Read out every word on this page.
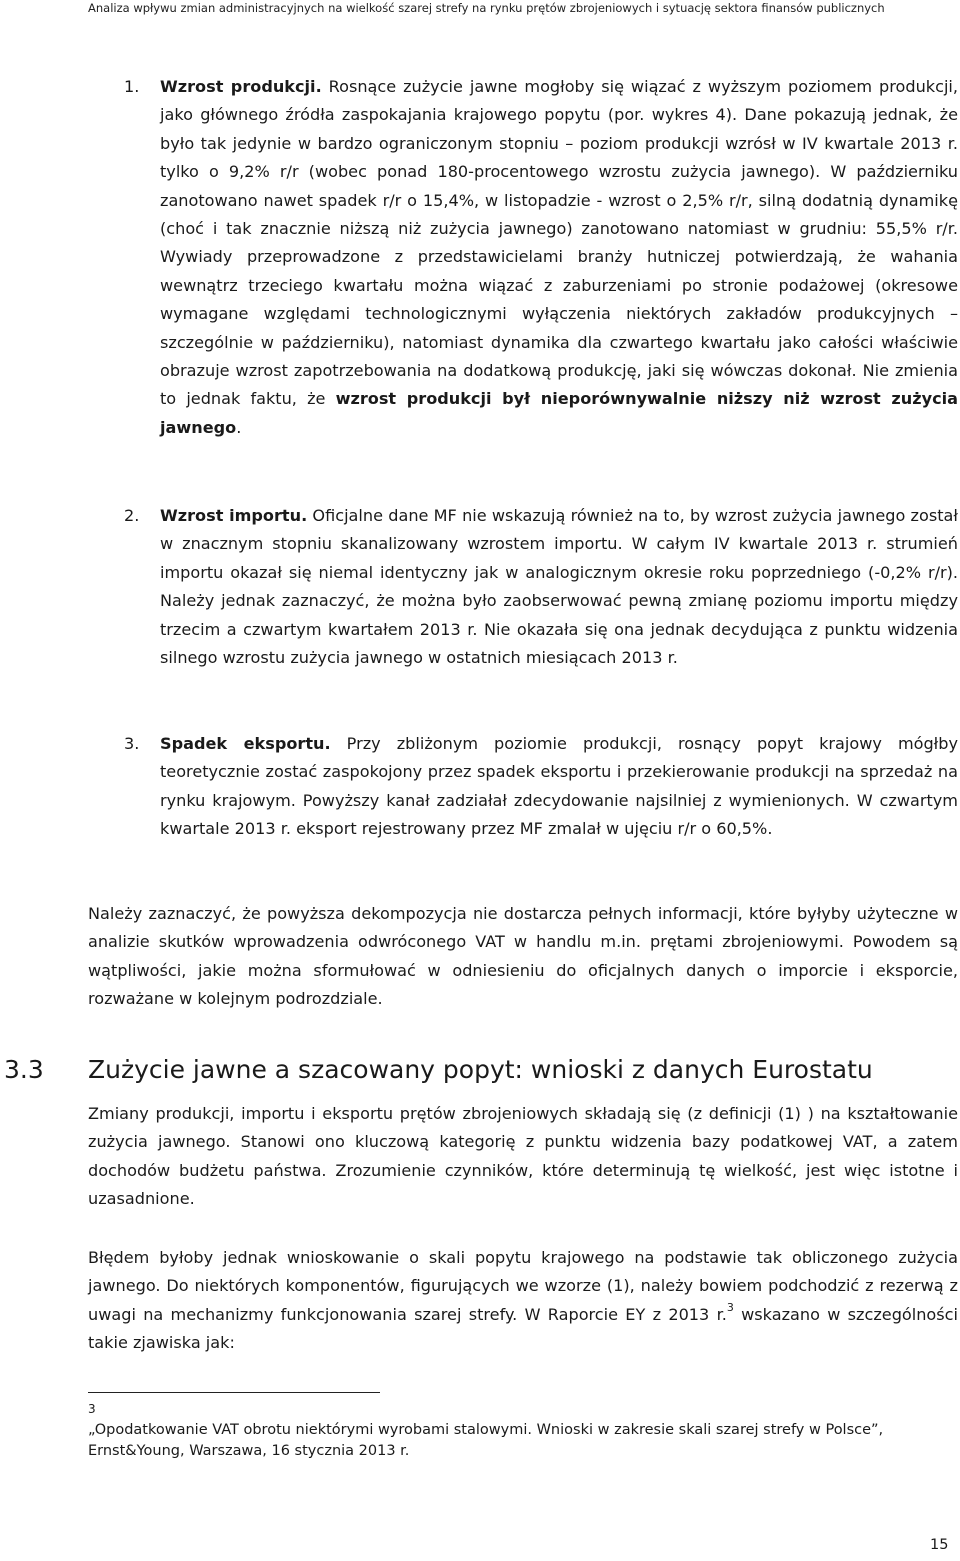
Analiza wpływu zmian administracyjnych na wielkość szarej strefy na rynku prętów zbrojeniowych i sytuację sektora finansów publicznych
1. Wzrost produkcji. Rosnące zużycie jawne mogłoby się wiązać z wyższym poziomem produkcji, jako głównego źródła zaspokajania krajowego popytu (por. wykres 4). Dane pokazują jednak, że było tak jedynie w bardzo ograniczonym stopniu – poziom produkcji wzrósł w IV kwartale 2013 r. tylko o 9,2% r/r (wobec ponad 180-procentowego wzrostu zużycia jawnego). W październiku zanotowano nawet spadek r/r o 15,4%, w listopadzie - wzrost o 2,5% r/r, silną dodatnią dynamikę (choć i tak znacznie niższą niż zużycia jawnego) zanotowano natomiast w grudniu: 55,5% r/r. Wywiady przeprowadzone z przedstawicielami branży hutniczej potwierdzają, że wahania wewnątrz trzeciego kwartału można wiązać z zaburzeniami po stronie podażowej (okresowe wymagane względami technologicznymi wyłączenia niektórych zakładów produkcyjnych – szczególnie w październiku), natomiast dynamika dla czwartego kwartału jako całości właściwie obrazuje wzrost zapotrzebowania na dodatkową produkcję, jaki się wówczas dokonał. Nie zmienia to jednak faktu, że wzrost produkcji był nieporównywalnie niższy niż wzrost zużycia jawnego.

2. Wzrost importu. Oficjalne dane MF nie wskazują również na to, by wzrost zużycia jawnego został w znacznym stopniu skanalizowany wzrostem importu. W całym IV kwartale 2013 r. strumień importu okazał się niemal identyczny jak w analogicznym okresie roku poprzedniego (-0,2% r/r). Należy jednak zaznaczyć, że można było zaobserwować pewną zmianę poziomu importu między trzecim a czwartym kwartałem 2013 r. Nie okazała się ona jednak decydująca z punktu widzenia silnego wzrostu zużycia jawnego w ostatnich miesiącach 2013 r.

3. Spadek eksportu. Przy zbliżonym poziomie produkcji, rosnący popyt krajowy mógłby teoretycznie zostać zaspokojony przez spadek eksportu i przekierowanie produkcji na sprzedaż na rynku krajowym. Powyższy kanał zadziałał zdecydowanie najsilniej z wymienionych. W czwartym kwartale 2013 r. eksport rejestrowany przez MF zmalał w ujęciu r/r o 60,5%.

Należy zaznaczyć, że powyższa dekompozycja nie dostarcza pełnych informacji, które byłyby użyteczne w analizie skutków wprowadzenia odwróconego VAT w handlu m.in. prętami zbrojeniowymi. Powodem są wątpliwości, jakie można sformułować w odniesieniu do oficjalnych danych o imporcie i eksporcie, rozważane w kolejnym podrozdziale.

3.3 Zużycie jawne a szacowany popyt: wnioski z danych Eurostatu

Zmiany produkcji, importu i eksportu prętów zbrojeniowych składają się (z definicji (1) ) na kształtowanie zużycia jawnego. Stanowi ono kluczową kategorię z punktu widzenia bazy podatkowej VAT, a zatem dochodów budżetu państwa. Zrozumienie czynników, które determinują tę wielkość, jest więc istotne i uzasadnione.

Błędem byłoby jednak wnioskowanie o skali popytu krajowego na podstawie tak obliczonego zużycia jawnego. Do niektórych komponentów, figurujących we wzorze (1), należy bowiem podchodzić z rezerwą z uwagi na mechanizmy funkcjonowania szarej strefy. W Raporcie EY z 2013 r.$^3$ wskazano w szczególności takie zjawiska jak:

3
„Opodatkowanie VAT obrotu niektórymi wyrobami stalowymi. Wnioski w zakresie skali szarej strefy w Polsce”, Ernst&Young, Warszawa, 16 stycznia 2013 r.
15
